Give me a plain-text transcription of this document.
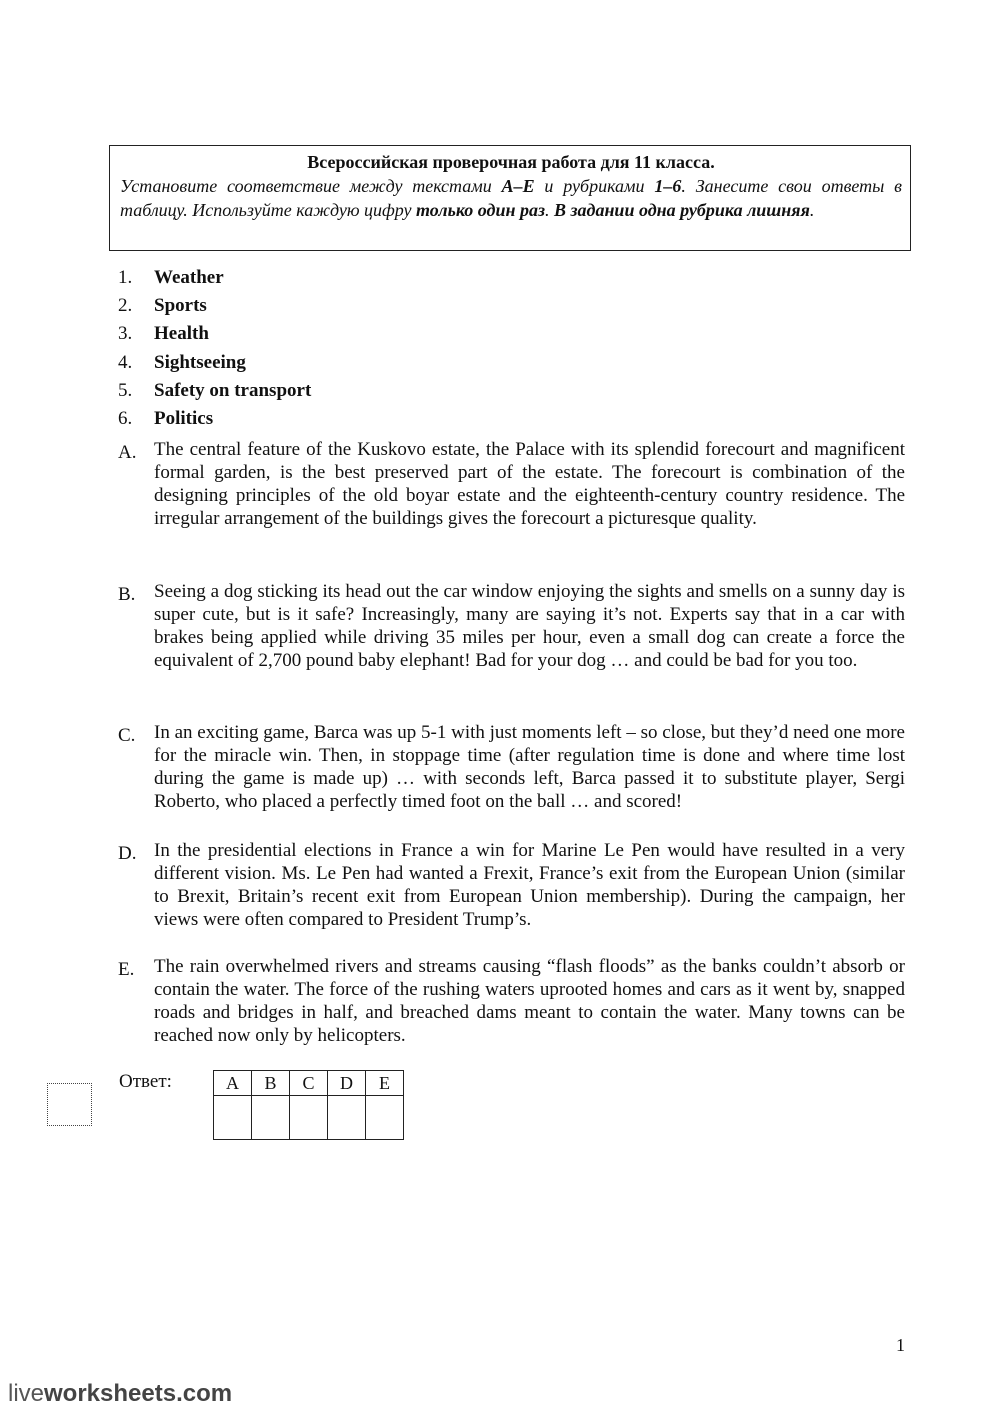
Всероссийская проверочная работа для 11 класса.

Установите соответствие между текстами A–E и рубриками 1–6. Занесите свои ответы в таблицу. Используйте каждую цифру только один раз. В задании одна рубрика лишняя.

1. Weather
2. Sports
3. Health
4. Sightseeing
5. Safety on transport
6. Politics
A. The central feature of the Kuskovo estate, the Palace with its splendid forecourt and magnificent formal garden, is the best preserved part of the estate. The forecourt is combination of the designing principles of the old boyar estate and the eighteenth-century country residence. The irregular arrangement of the buildings gives the forecourt a picturesque quality.
B. Seeing a dog sticking its head out the car window enjoying the sights and smells on a sunny day is super cute, but is it safe? Increasingly, many are saying it’s not. Experts say that in a car with brakes being applied while driving 35 miles per hour, even a small dog can create a force the equivalent of 2,700 pound baby elephant! Bad for your dog … and could be bad for you too.
C. In an exciting game, Barca was up 5-1 with just moments left – so close, but they’d need one more for the miracle win. Then, in stoppage time (after regulation time is done and where time lost during the game is made up) … with seconds left, Barca passed it to substitute player, Sergi Roberto, who placed a perfectly timed foot on the ball … and scored!
D. In the presidential elections in France a win for Marine Le Pen would have resulted in a very different vision. Ms. Le Pen had wanted a Frexit, France’s exit from the European Union (similar to Brexit, Britain’s recent exit from European Union membership). During the campaign, her views were often compared to President Trump’s.
E. The rain overwhelmed rivers and streams causing “flash floods” as the banks couldn’t absorb or contain the water. The force of the rushing waters uprooted homes and cars as it went by, snapped roads and bridges in half, and breached dams meant to contain the water. Many towns can be reached now only by helicopters.
Ответ:	A	B	C	D	E

1
liveworksheets.com
